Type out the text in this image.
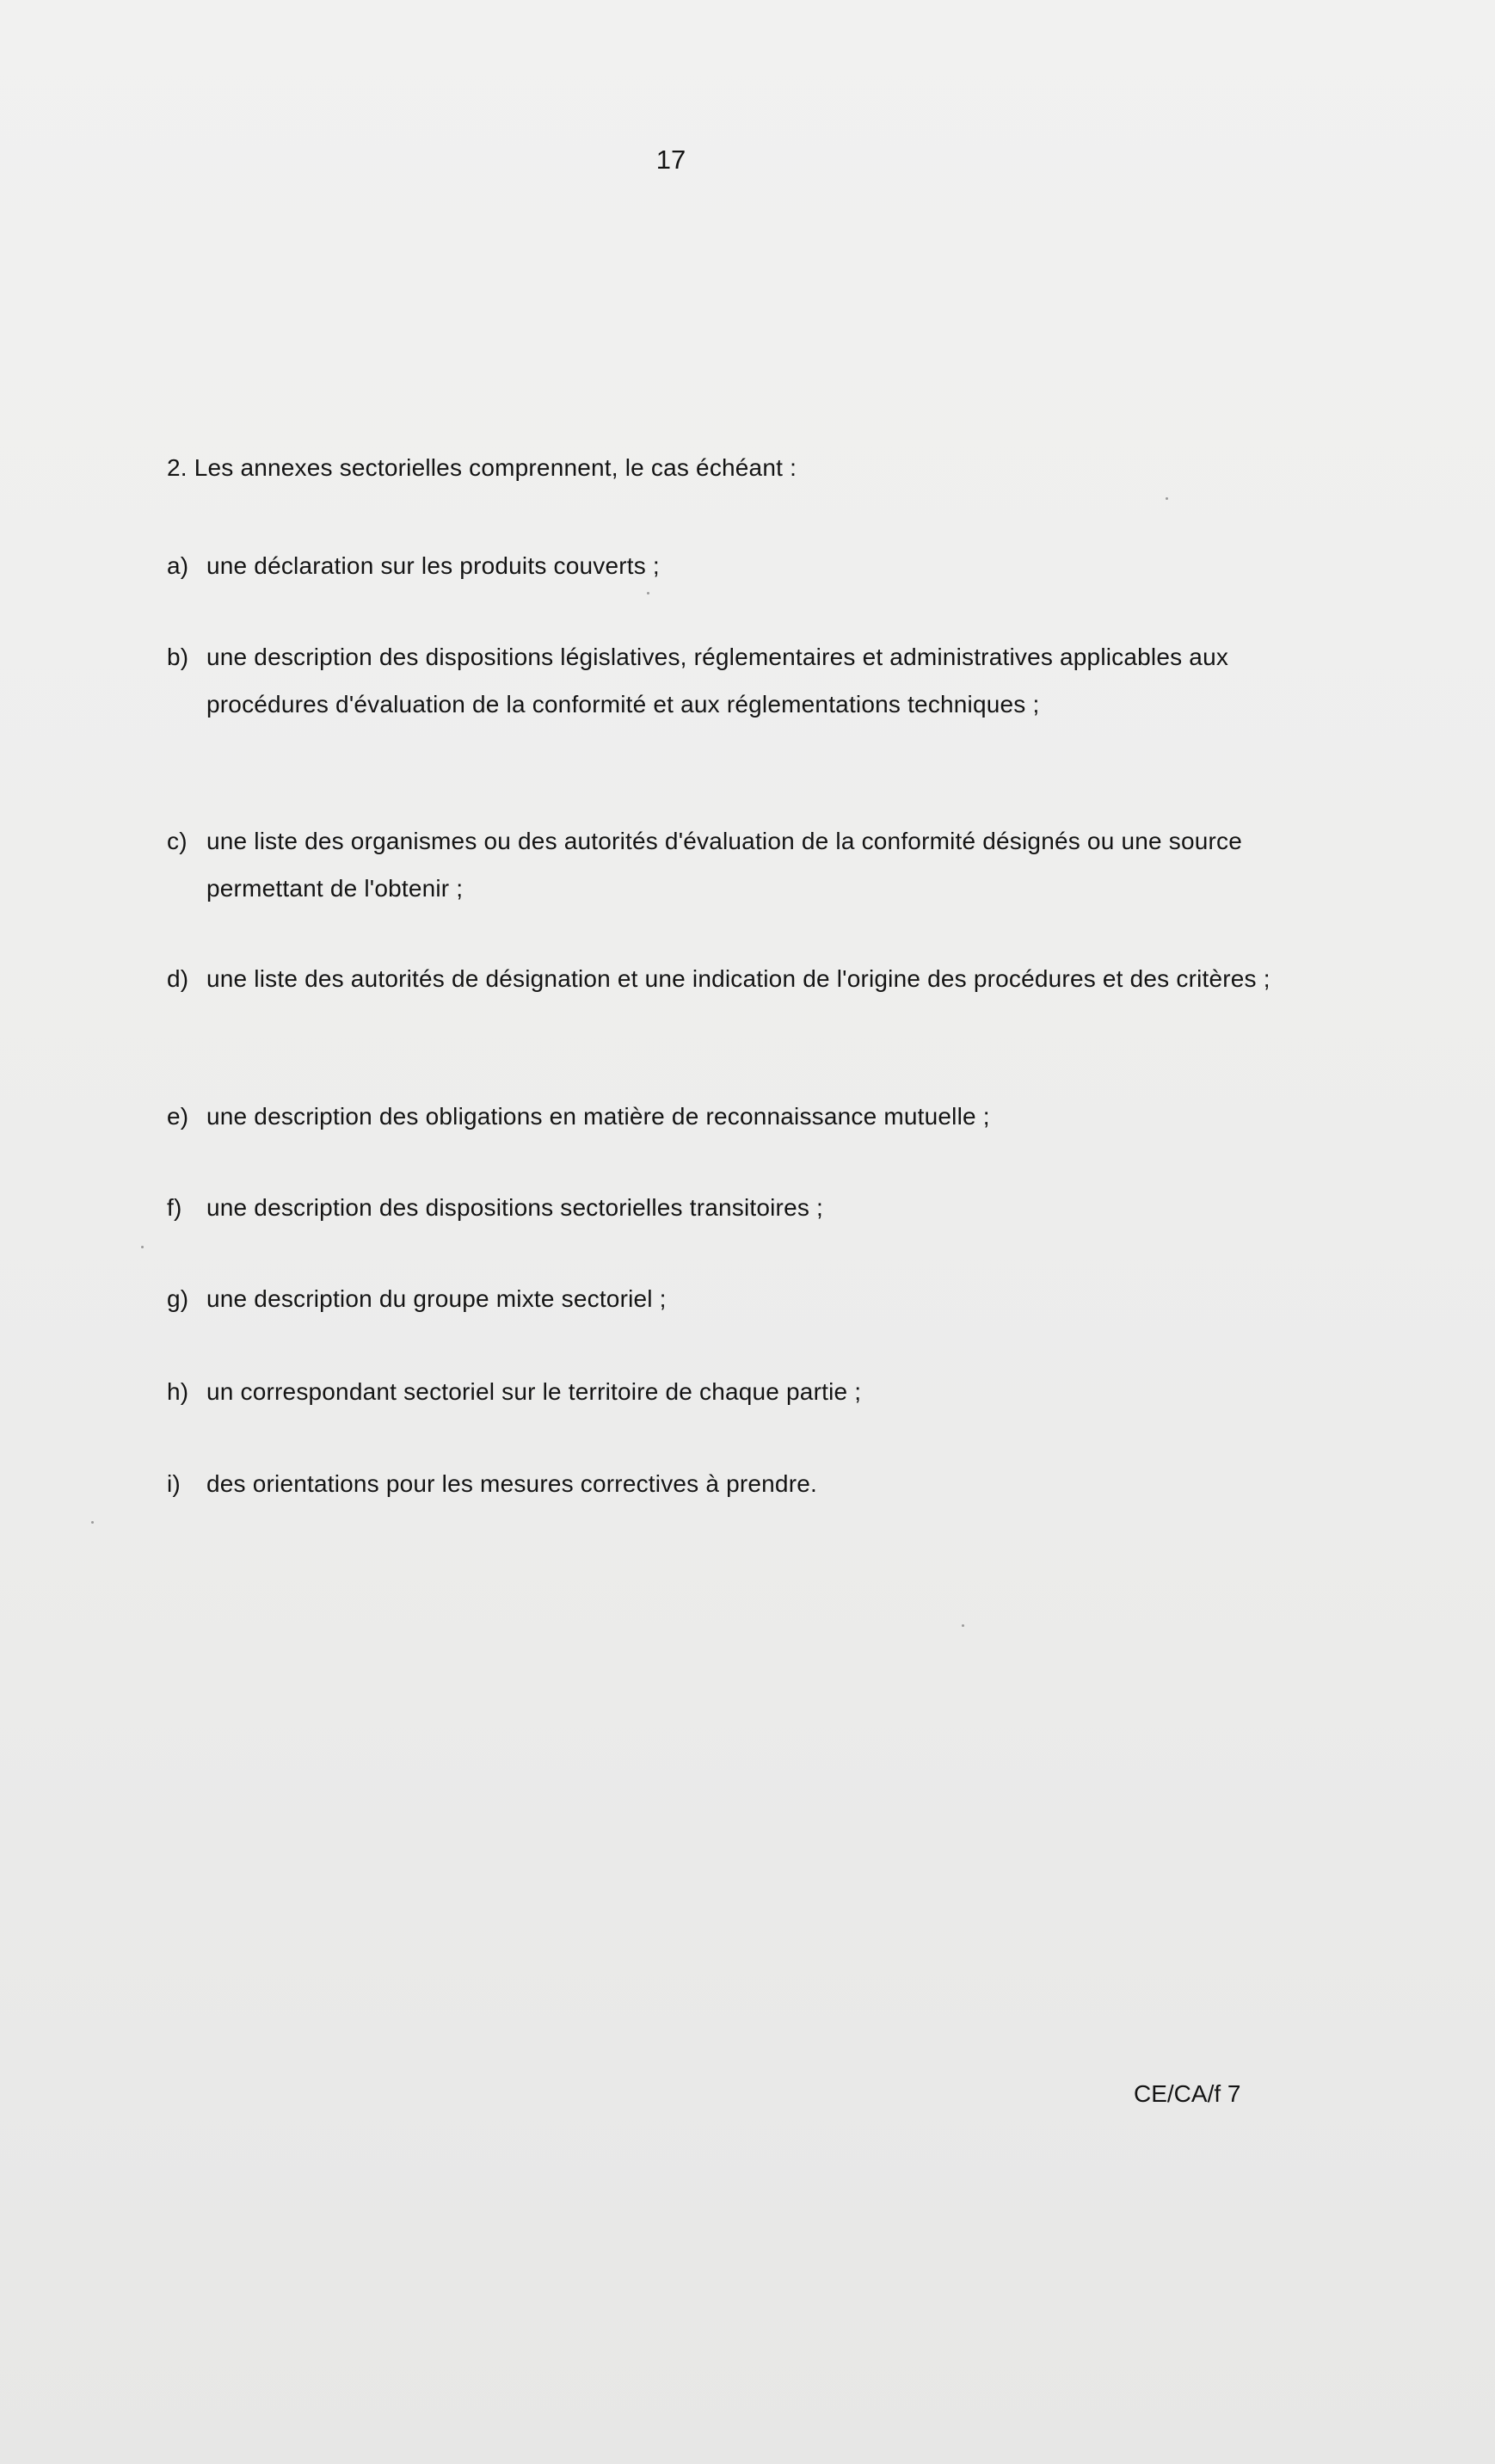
17
2. Les annexes sectorielles comprennent, le cas échéant :
a) une déclaration sur les produits couverts ;
b) une description des dispositions législatives, réglementaires et administratives applicables aux procédures d'évaluation de la conformité et aux réglementations techniques ;
c) une liste des organismes ou des autorités d'évaluation de la conformité désignés ou une source permettant de l'obtenir ;
d) une liste des autorités de désignation et une indication de l'origine des procédures et des critères ;
e) une description des obligations en matière de reconnaissance mutuelle ;
f)	une description des dispositions sectorielles transitoires ;
g) une description du groupe mixte sectoriel ;
h) un correspondant sectoriel sur le territoire de chaque partie ;
i)	des orientations pour les mesures correctives à prendre.
CE/CA/f 7
